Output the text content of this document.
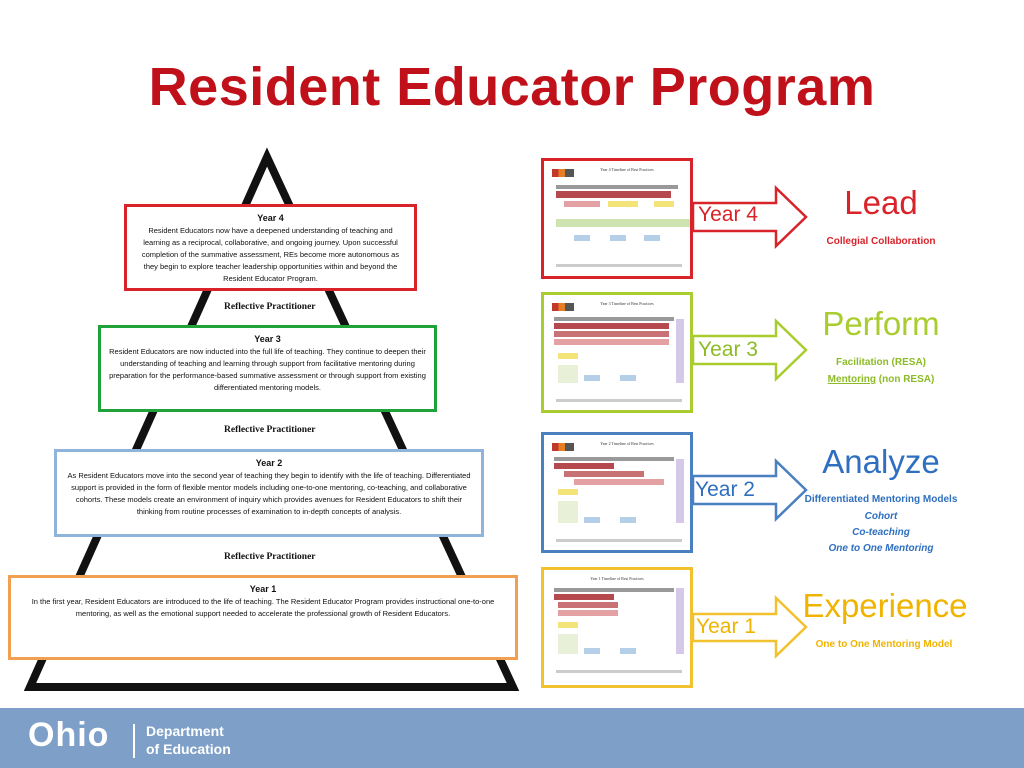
Resident Educator Program
Year 4
Resident Educators now have a deepened understanding of teaching and learning as a reciprocal, collaborative, and ongoing journey. Upon successful completion of the summative assessment, REs become more autonomous as they begin to explore teacher leadership opportunities within and beyond the Resident Educator Program.
Reflective Practitioner
Year 3
Resident Educators are now inducted into the full life of teaching. They continue to deepen their understanding of teaching and learning through support from facilitative mentoring during preparation for the performance-based summative assessment or through support from existing differentiated mentoring models.
Reflective Practitioner
Year 2
As Resident Educators move into the second year of teaching they begin to identify with the life of teaching. Differentiated support is provided in the form of flexible mentor models including one-to-one mentoring, co-teaching, and collaborative cohorts. These models create an environment of inquiry which provides avenues for Resident Educators to shift their thinking from routine processes of examination to in-depth concepts of analysis.
Reflective Practitioner
Year 1
In the first year, Resident Educators are introduced to the life of teaching. The Resident Educator Program provides instructional one-to-one mentoring, as well as the emotional support needed to accelerate the professional growth of Resident Educators.
Year 4 Timeline of Best Practices
Year 3 Timeline of Best Practices
Year 2 Timeline of Best Practices
Year 1 Timeline of Best Practices
Year 4
Year 3
Year 2
Year 1
Lead
Collegial Collaboration
Perform
Facilitation (RESA)
Mentoring (non RESA)
Analyze
Differentiated Mentoring Models
Cohort
Co-teaching
One to One Mentoring
Experience
One to One Mentoring Model
Ohio	Department
of Education
